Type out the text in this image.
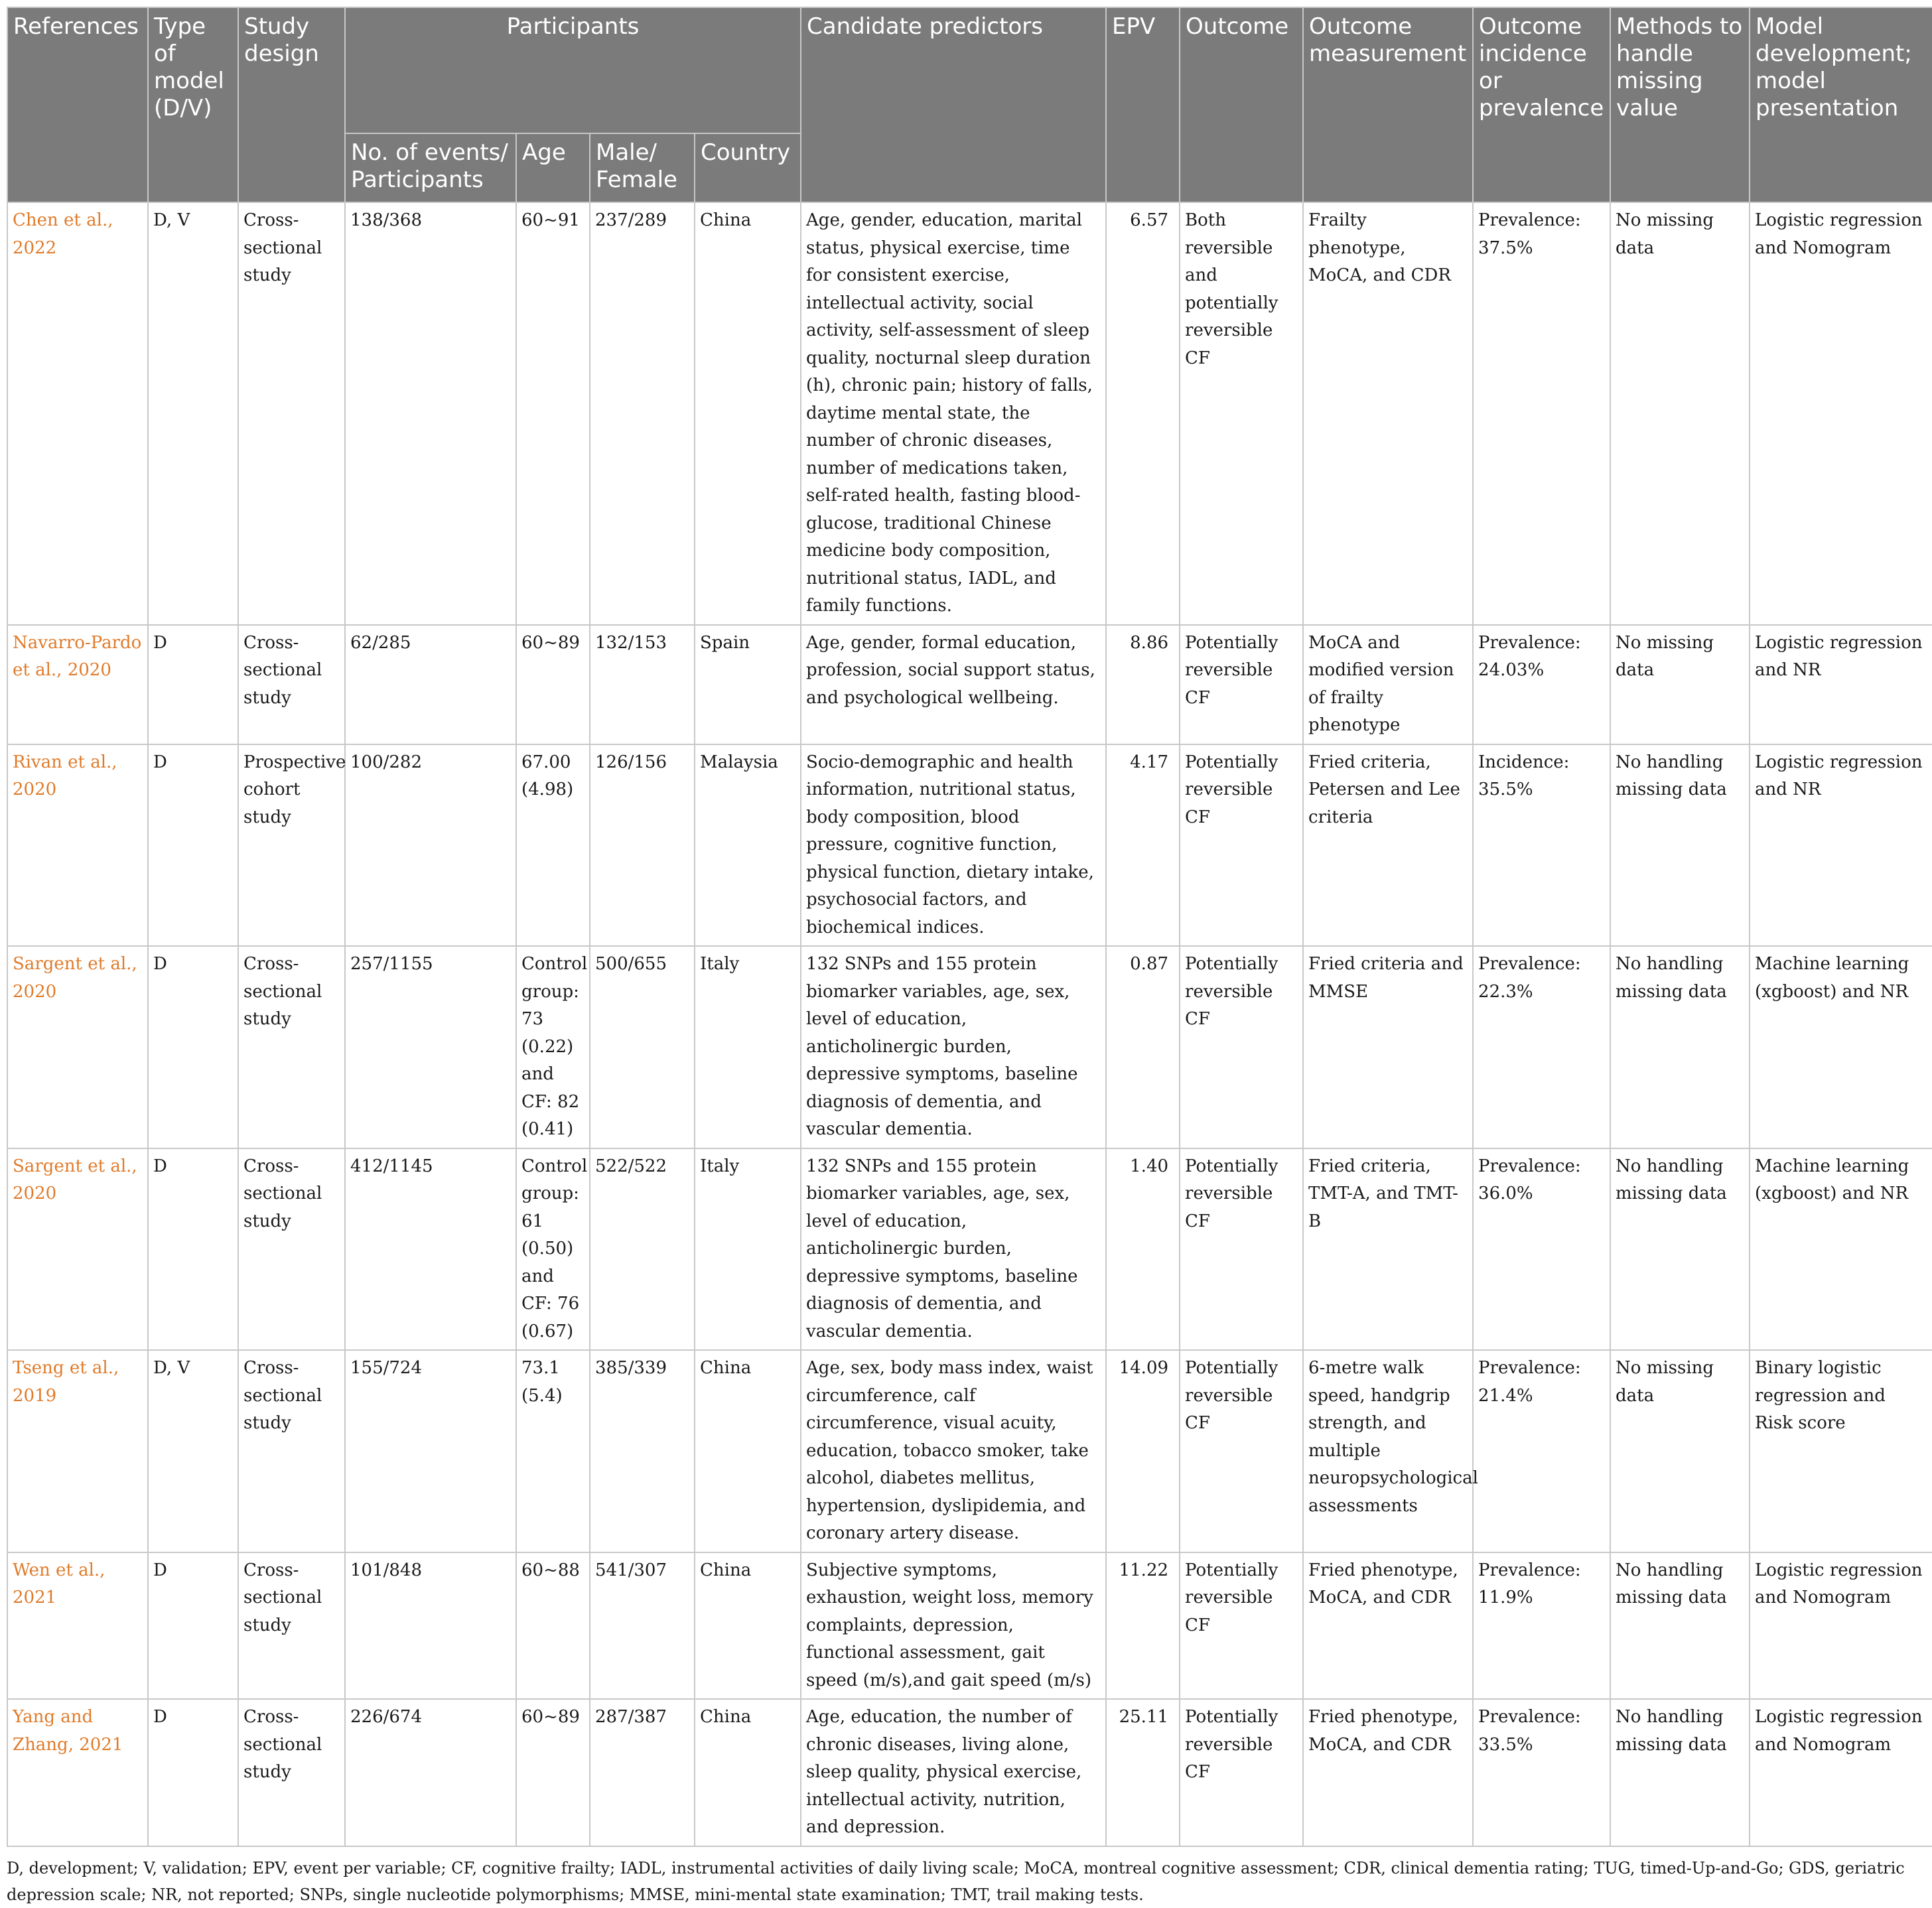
References	Type of model (D/V)	Study design	Participants				Candidate predictors	EPV	Outcome	Outcome measurement	Outcome incidence or prevalence	Methods to handle missing value	Model development; model presentation
			No. of events/ Participants	Age	Male/ Female	Country							
Chen et al., 2022	D, V	Cross-sectional study	138/368	60~91	237/289	China	Age, gender, education, marital status, physical exercise, time for consistent exercise, intellectual activity, social activity, self-assessment of sleep quality, nocturnal sleep duration (h), chronic pain; history of falls, daytime mental state, the number of chronic diseases, number of medications taken, self-rated health, fasting blood-glucose, traditional Chinese medicine body composition, nutritional status, IADL, and family functions.	6.57	Both reversible and potentially reversible CF	Frailty phenotype, MoCA, and CDR	Prevalence: 37.5%	No missing data	Logistic regression and Nomogram
Navarro-Pardo et al., 2020	D	Cross-sectional study	62/285	60~89	132/153	Spain	Age, gender, formal education, profession, social support status, and psychological wellbeing.	8.86	Potentially reversible CF	MoCA and modified version of frailty phenotype	Prevalence: 24.03%	No missing data	Logistic regression and NR
Rivan et al., 2020	D	Prospective cohort study	100/282	67.00 (4.98)	126/156	Malaysia	Socio-demographic and health information, nutritional status, body composition, blood pressure, cognitive function, physical function, dietary intake, psychosocial factors, and biochemical indices.	4.17	Potentially reversible CF	Fried criteria, Petersen and Lee criteria	Incidence: 35.5%	No handling missing data	Logistic regression and NR
Sargent et al., 2020	D	Cross-sectional study	257/1155	Control group: 73 (0.22) and CF: 82 (0.41)	500/655	Italy	132 SNPs and 155 protein biomarker variables, age, sex, level of education, anticholinergic burden, depressive symptoms, baseline diagnosis of dementia, and vascular dementia.	0.87	Potentially reversible CF	Fried criteria and MMSE	Prevalence: 22.3%	No handling missing data	Machine learning (xgboost) and NR
Sargent et al., 2020	D	Cross-sectional study	412/1145	Control group: 61 (0.50) and CF: 76 (0.67)	522/522	Italy	132 SNPs and 155 protein biomarker variables, age, sex, level of education, anticholinergic burden, depressive symptoms, baseline diagnosis of dementia, and vascular dementia.	1.40	Potentially reversible CF	Fried criteria, TMT-A, and TMT-B	Prevalence: 36.0%	No handling missing data	Machine learning (xgboost) and NR
Tseng et al., 2019	D, V	Cross-sectional study	155/724	73.1 (5.4)	385/339	China	Age, sex, body mass index, waist circumference, calf circumference, visual acuity, education, tobacco smoker, take alcohol, diabetes mellitus, hypertension, dyslipidemia, and coronary artery disease.	14.09	Potentially reversible CF	6-metre walk speed, handgrip strength, and multiple neuropsychological assessments	Prevalence: 21.4%	No missing data	Binary logistic regression and Risk score
Wen et al., 2021	D	Cross-sectional study	101/848	60~88	541/307	China	Subjective symptoms, exhaustion, weight loss, memory complaints, depression, functional assessment, gait speed (m/s),and gait speed (m/s)	11.22	Potentially reversible CF	Fried phenotype, MoCA, and CDR	Prevalence: 11.9%	No handling missing data	Logistic regression and Nomogram
Yang and Zhang, 2021	D	Cross-sectional study	226/674	60~89	287/387	China	Age, education, the number of chronic diseases, living alone, sleep quality, physical exercise, intellectual activity, nutrition, and depression.	25.11	Potentially reversible CF	Fried phenotype, MoCA, and CDR	Prevalence: 33.5%	No handling missing data	Logistic regression and Nomogram
D, development; V, validation; EPV, event per variable; CF, cognitive frailty; IADL, instrumental activities of daily living scale; MoCA, montreal cognitive assessment; CDR, clinical dementia rating; TUG, timed-Up-and-Go; GDS, geriatric depression scale; NR, not reported; SNPs, single nucleotide polymorphisms; MMSE, mini-mental state examination; TMT, trail making tests.
